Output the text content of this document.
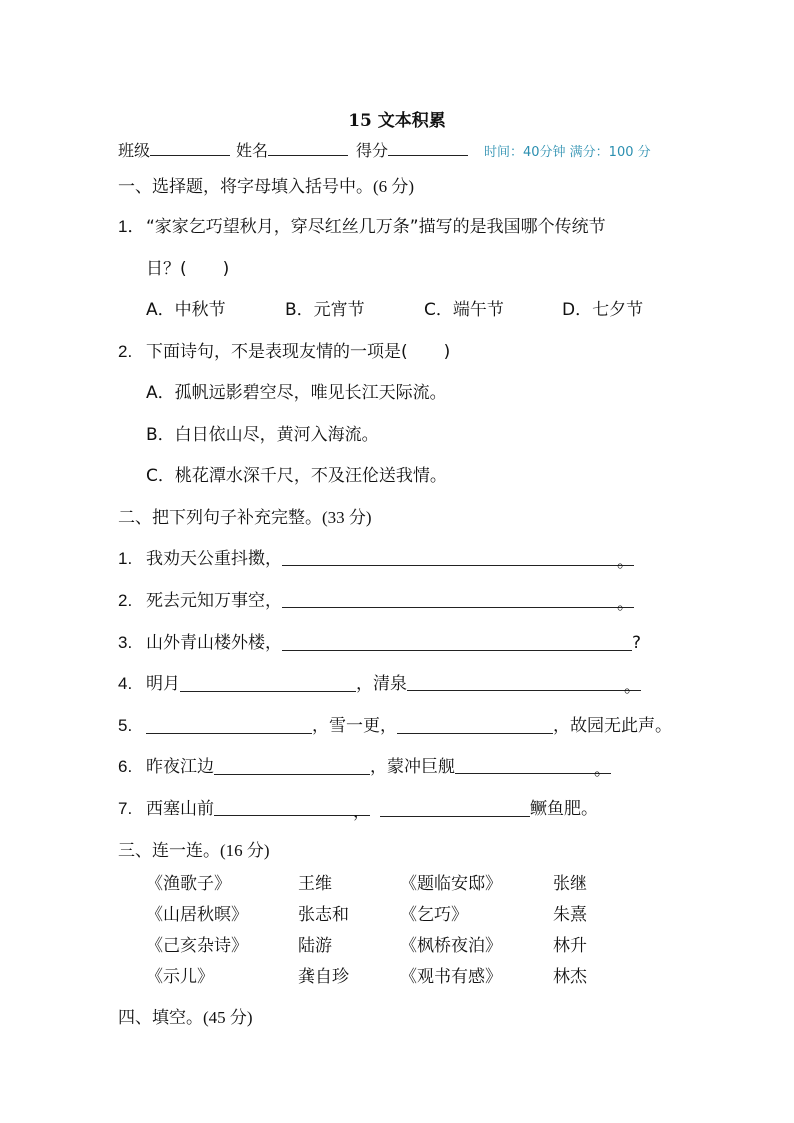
15 文本积累
班级	姓名	得分	时间：40分钟 满分：100 分
一、选择题，将字母填入括号中。(6 分)
1．“家家乞巧望秋月，穿尽红丝几万条”描写的是我国哪个传统节
日？( )
A．中秋节	B．元宵节	C．端午节	D．七夕节
2. 下面诗句，不是表现友情的一项是( )
A．孤帆远影碧空尽，唯见长江天际流。
B．白日依山尽，黄河入海流。
C．桃花潭水深千尺，不及汪伦送我情。
二、把下列句子补充完整。(33 分)
1. 我劝天公重抖擞，	。
2. 死去元知万事空，	。
3. 山外青山楼外楼，	?
4. 明月	，清泉	。
5.	，雪一更，	，故园无此声。
6. 昨夜江边	，蒙冲巨舰	。
7. 西塞山前	，	鳜鱼肥。
三、连一连。(16 分)
《渔歌子》	王维	《题临安邸》	张继
《山居秋暝》	张志和	《乞巧》	朱熹
《己亥杂诗》	陆游	《枫桥夜泊》	林升
《示儿》	龚自珍	《观书有感》	林杰
四、填空。(45 分)
